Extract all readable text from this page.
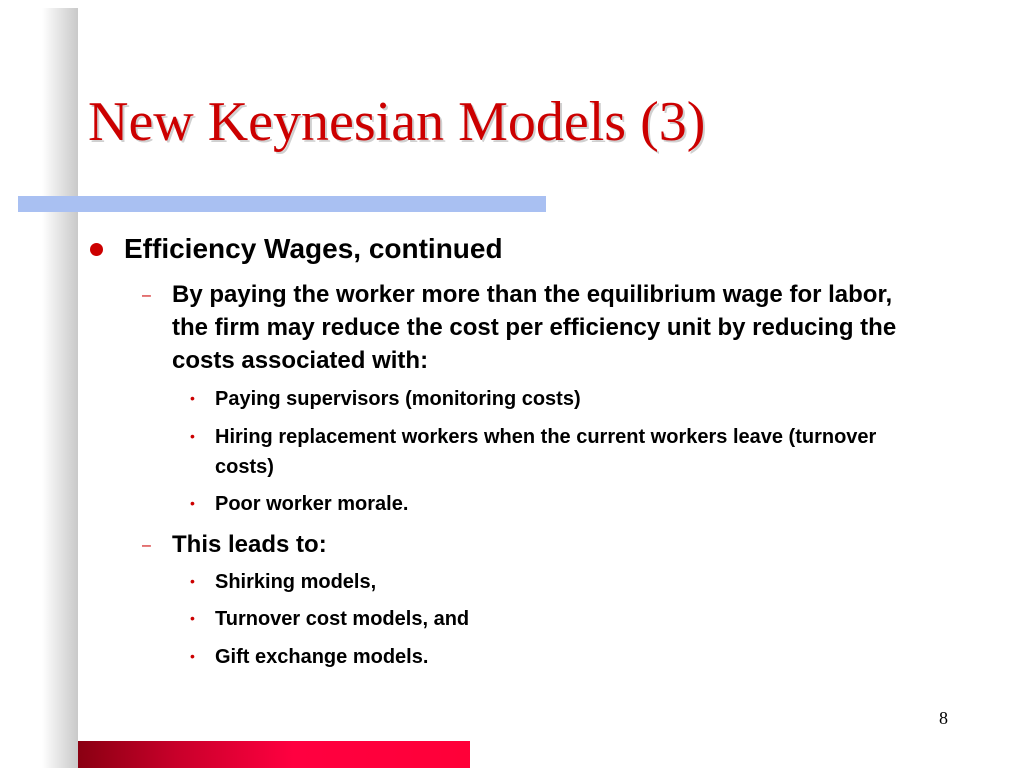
New Keynesian Models (3)
Efficiency Wages, continued
– By paying the worker more than the equilibrium wage for labor, the firm may reduce the cost per efficiency unit by reducing the costs associated with:
• Paying supervisors (monitoring costs)
• Hiring replacement workers when the current workers leave (turnover costs)
• Poor worker morale.
– This leads to:
• Shirking models,
• Turnover cost models, and
• Gift exchange models.
8
